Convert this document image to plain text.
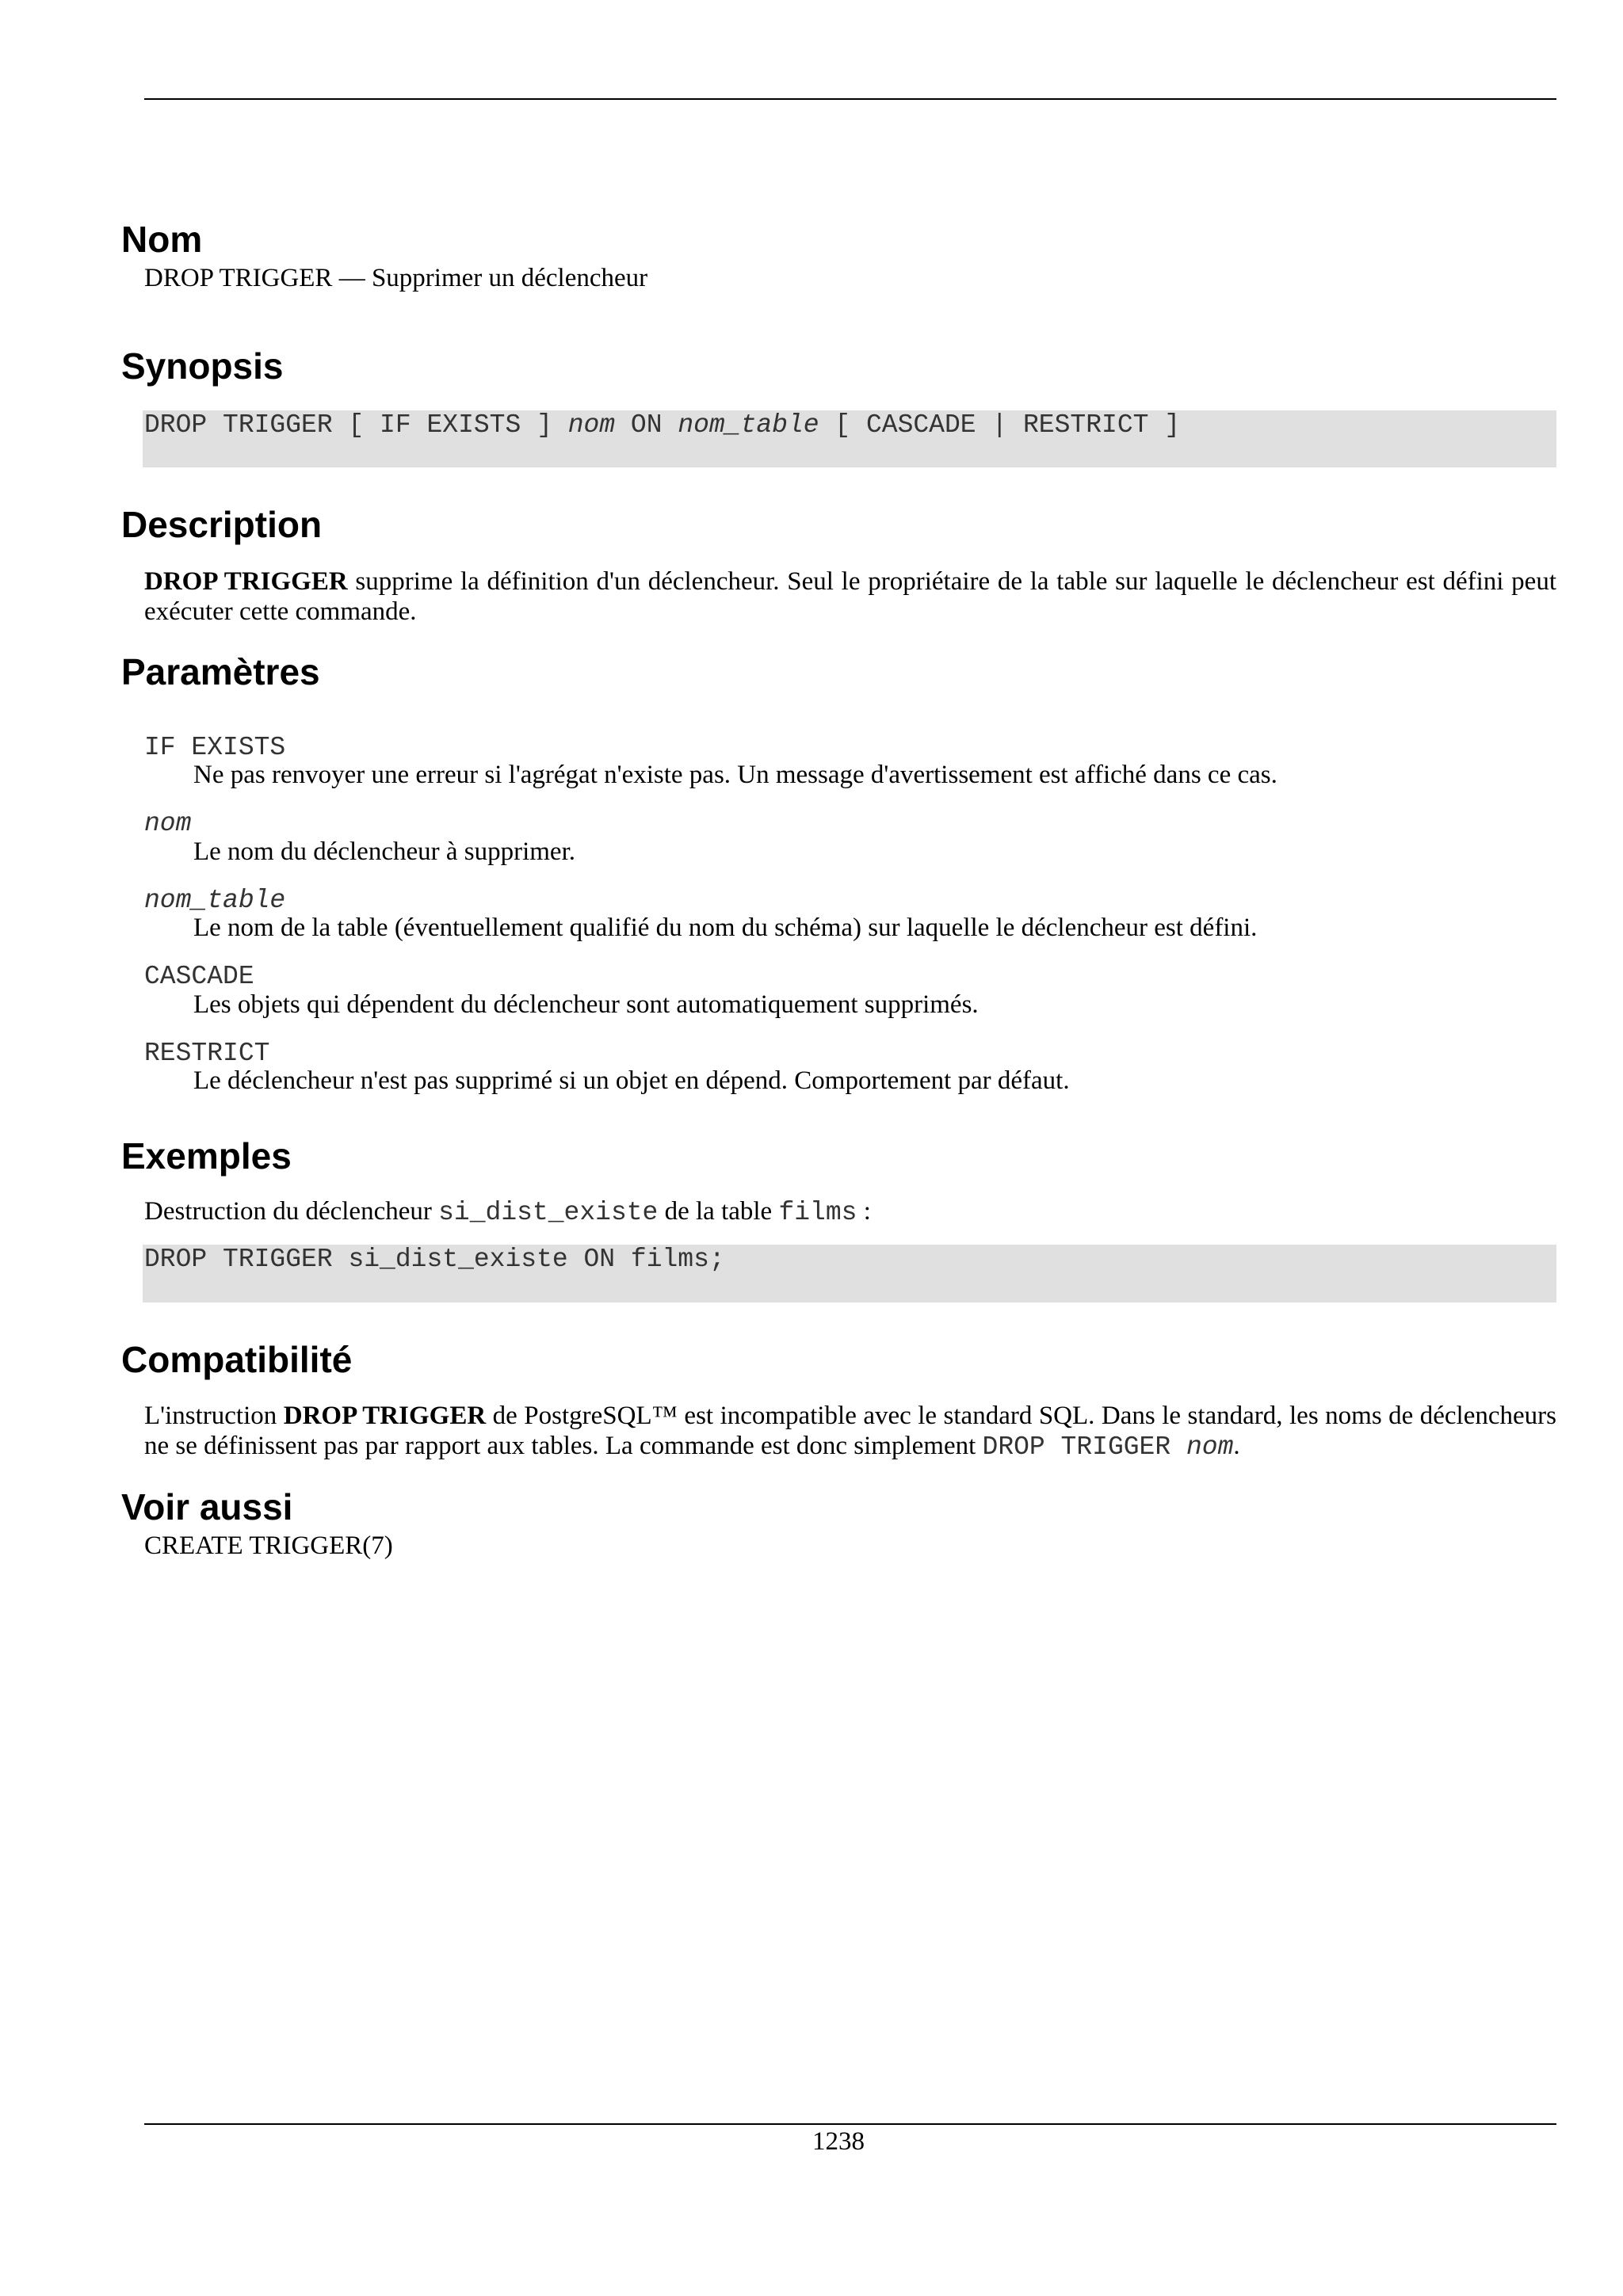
Nom

DROP TRIGGER — Supprimer un déclencheur

Synopsis
DROP TRIGGER [ IF EXISTS ] nom ON nom_table [ CASCADE | RESTRICT ]
Description

DROP TRIGGER supprime la définition d'un déclencheur. Seul le propriétaire de la table sur laquelle le déclencheur est défini peut exécuter cette commande.

Paramètres
IF EXISTS
Ne pas renvoyer une erreur si l'agrégat n'existe pas. Un message d'avertissement est affiché dans ce cas.
nom
Le nom du déclencheur à supprimer.
nom_table
Le nom de la table (éventuellement qualifié du nom du schéma) sur laquelle le déclencheur est défini.
CASCADE
Les objets qui dépendent du déclencheur sont automatiquement supprimés.
RESTRICT
Le déclencheur n'est pas supprimé si un objet en dépend. Comportement par défaut.
Exemples

Destruction du déclencheur si_dist_existe de la table films :

DROP TRIGGER si_dist_existe ON films;
Compatibilité

L'instruction DROP TRIGGER de PostgreSQL™ est incompatible avec le standard SQL. Dans le standard, les noms de déclencheurs ne se définissent pas par rapport aux tables. La commande est donc simplement DROP TRIGGER nom.

Voir aussi

CREATE TRIGGER(7)

1238
